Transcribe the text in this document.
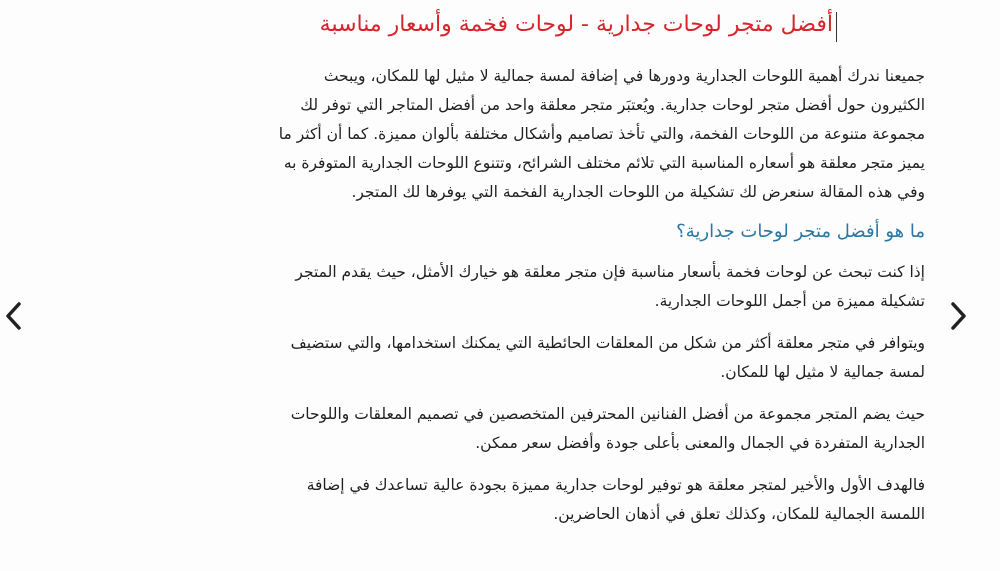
أفضل متجر لوحات جدارية - لوحات فخمة وأسعار مناسبة

جميعنا ندرك أهمية اللوحات الجدارية ودورها في إضافة لمسة جمالية لا مثيل لها للمكان، ويبحث
الكثيرون حول أفضل متجر لوحات جدارية. ويُعتبَر متجر معلقة واحد من أفضل المتاجر التي توفر لك
مجموعة متنوعة من اللوحات الفخمة، والتي تأخذ تصاميم وأشكال مختلفة بألوان مميزة. كما أن أكثر ما
يميز متجر معلقة هو أسعاره المناسبة التي تلائم مختلف الشرائح، وتتنوع اللوحات الجدارية المتوفرة به
وفي هذه المقالة سنعرض لك تشكيلة من اللوحات الجدارية الفخمة التي يوفرها لك المتجر.

ما هو أفضل متجر لوحات جدارية؟

إذا كنت تبحث عن لوحات فخمة بأسعار مناسبة فإن متجر معلقة هو خيارك الأمثل، حيث يقدم المتجر
تشكيلة مميزة من أجمل اللوحات الجدارية.

ويتوافر في متجر معلقة أكثر من شكل من المعلقات الحائطية التي يمكنك استخدامها، والتي ستضيف
لمسة جمالية لا مثيل لها للمكان.

حيث يضم المتجر مجموعة من أفضل الفنانين المحترفين المتخصصين في تصميم المعلقات واللوحات
الجدارية المتفردة في الجمال والمعنى بأعلى جودة وأفضل سعر ممكن.

فالهدف الأول والأخير لمتجر معلقة هو توفير لوحات جدارية مميزة بجودة عالية تساعدك في إضافة
اللمسة الجمالية للمكان، وكذلك تعلق في أذهان الحاضرين.
